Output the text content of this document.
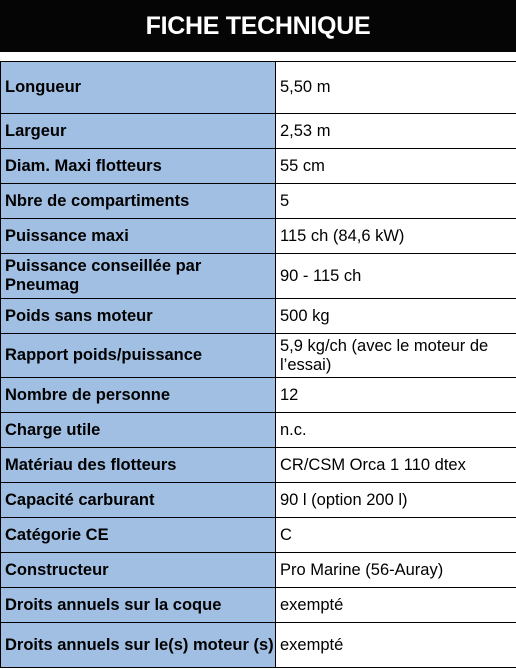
FICHE TECHNIQUE
Longueur	5,50 m
Largeur	2,53 m
Diam. Maxi flotteurs	55 cm
Nbre de compartiments	5
Puissance maxi	115 ch (84,6 kW)
Puissance conseillée par Pneumag	90 - 115 ch
Poids sans moteur	500 kg
Rapport poids/puissance	5,9 kg/ch (avec le moteur de l’essai)
Nombre de personne	12
Charge utile	n.c.
Matériau des flotteurs	CR/CSM Orca 1 110 dtex
Capacité carburant	90 l (option 200 l)
Catégorie CE	C
Constructeur	Pro Marine (56-Auray)
Droits annuels sur la coque	exempté
Droits annuels sur le(s) moteur (s)	exempté
